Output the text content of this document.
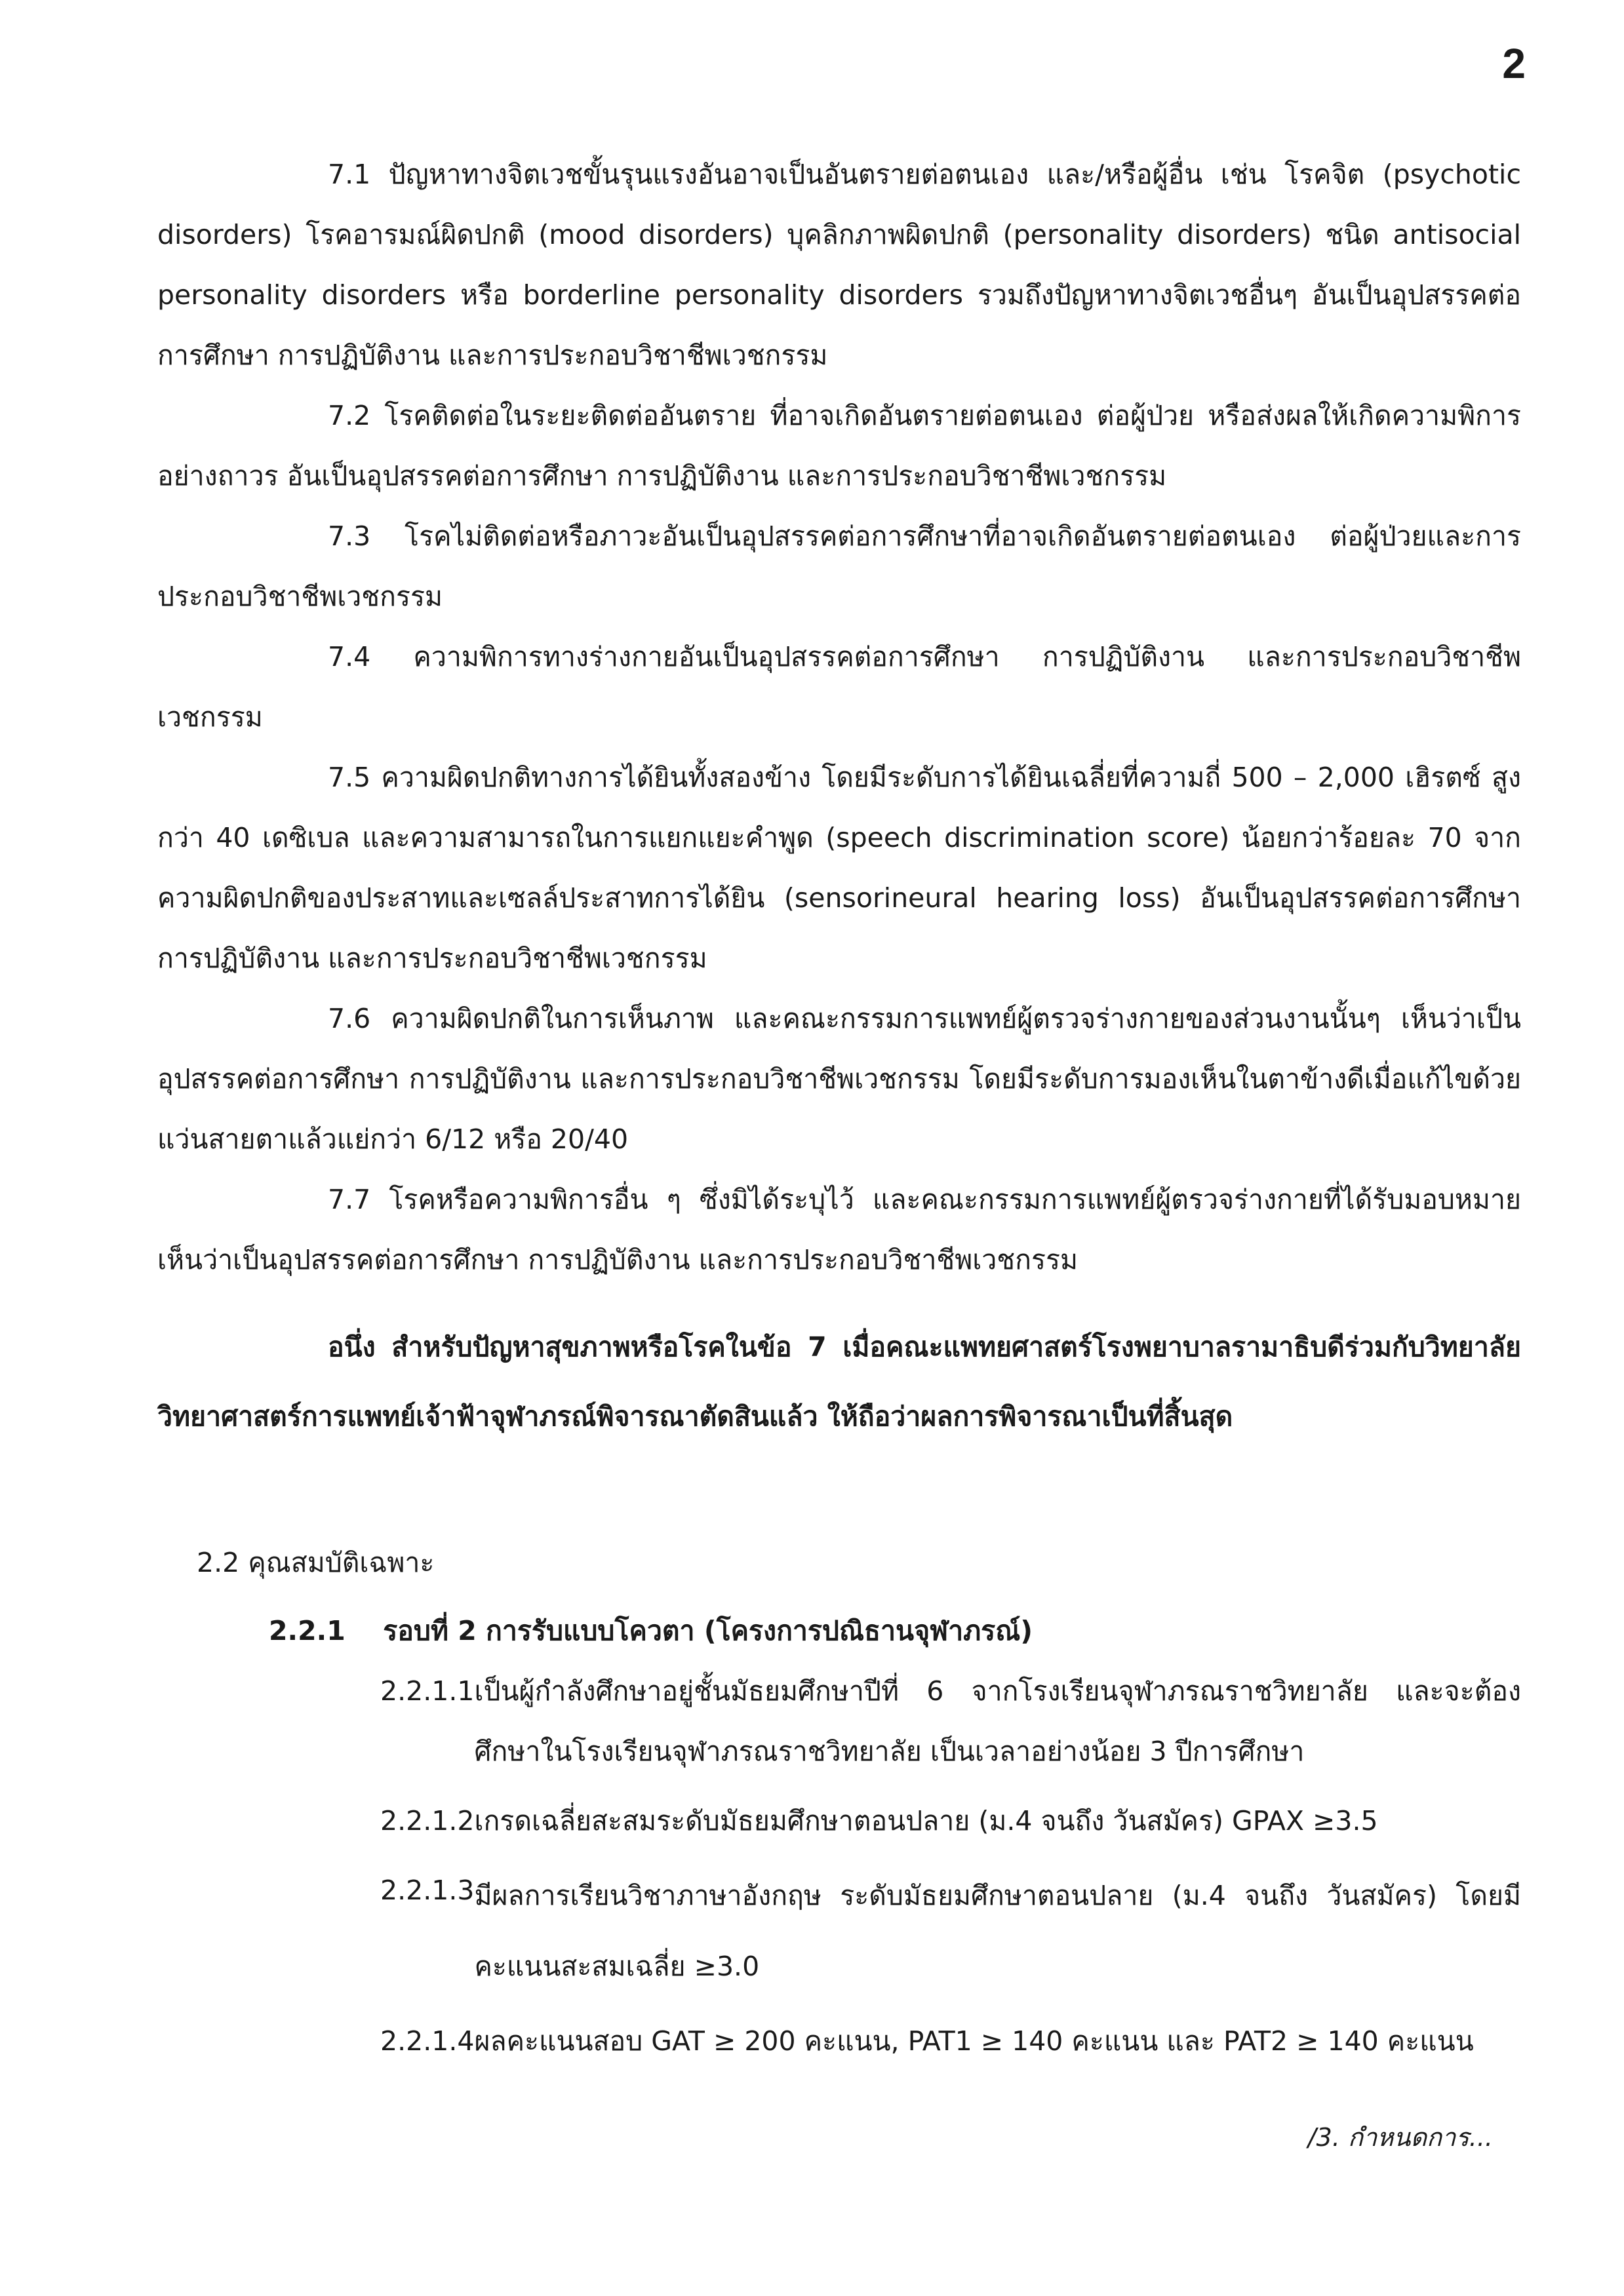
2

7.1 ปัญหาทางจิตเวชขั้นรุนแรงอันอาจเป็นอันตรายต่อตนเอง และ/หรือผู้อื่น เช่น โรคจิต (psychotic disorders) โรคอารมณ์ผิดปกติ (mood disorders) บุคลิกภาพผิดปกติ (personality disorders) ชนิด antisocial personality disorders หรือ borderline personality disorders รวมถึงปัญหาทางจิตเวชอื่นๆ อันเป็นอุปสรรคต่อการศึกษา การปฏิบัติงาน และการประกอบวิชาชีพเวชกรรม

7.2 โรคติดต่อในระยะติดต่ออันตราย ที่อาจเกิดอันตรายต่อตนเอง ต่อผู้ป่วย หรือส่งผลให้เกิดความพิการอย่างถาวร อันเป็นอุปสรรคต่อการศึกษา การปฏิบัติงาน และการประกอบวิชาชีพเวชกรรม

7.3 โรคไม่ติดต่อหรือภาวะอันเป็นอุปสรรคต่อการศึกษาที่อาจเกิดอันตรายต่อตนเอง ต่อผู้ป่วยและการประกอบวิชาชีพเวชกรรม

7.4 ความพิการทางร่างกายอันเป็นอุปสรรคต่อการศึกษา การปฏิบัติงาน และการประกอบวิชาชีพเวชกรรม

7.5 ความผิดปกติทางการได้ยินทั้งสองข้าง โดยมีระดับการได้ยินเฉลี่ยที่ความถี่ 500 – 2,000 เฮิรตซ์ สูงกว่า 40 เดซิเบล และความสามารถในการแยกแยะคำพูด (speech discrimination score) น้อยกว่าร้อยละ 70 จากความผิดปกติของประสาทและเซลล์ประสาทการได้ยิน (sensorineural hearing loss) อันเป็นอุปสรรคต่อการศึกษา การปฏิบัติงาน และการประกอบวิชาชีพเวชกรรม

7.6 ความผิดปกติในการเห็นภาพ และคณะกรรมการแพทย์ผู้ตรวจร่างกายของส่วนงานนั้นๆ เห็นว่าเป็นอุปสรรคต่อการศึกษา การปฏิบัติงาน และการประกอบวิชาชีพเวชกรรม โดยมีระดับการมองเห็นในตาข้างดีเมื่อแก้ไขด้วยแว่นสายตาแล้วแย่กว่า 6/12 หรือ 20/40

7.7 โรคหรือความพิการอื่น ๆ ซึ่งมิได้ระบุไว้ และคณะกรรมการแพทย์ผู้ตรวจร่างกายที่ได้รับมอบหมายเห็นว่าเป็นอุปสรรคต่อการศึกษา การปฏิบัติงาน และการประกอบวิชาชีพเวชกรรม

อนึ่ง สำหรับปัญหาสุขภาพหรือโรคในข้อ 7 เมื่อคณะแพทยศาสตร์โรงพยาบาลรามาธิบดีร่วมกับวิทยาลัยวิทยาศาสตร์การแพทย์เจ้าฟ้าจุฬาภรณ์พิจารณาตัดสินแล้ว ให้ถือว่าผลการพิจารณาเป็นที่สิ้นสุด

2.2 คุณสมบัติเฉพาะ
2.2.1 รอบที่ 2 การรับแบบโควตา (โครงการปณิธานจุฬาภรณ์)
2.2.1.1 เป็นผู้กำลังศึกษาอยู่ชั้นมัธยมศึกษาปีที่ 6 จากโรงเรียนจุฬาภรณราชวิทยาลัย และจะต้องศึกษาในโรงเรียนจุฬาภรณราชวิทยาลัย เป็นเวลาอย่างน้อย 3 ปีการศึกษา
2.2.1.2 เกรดเฉลี่ยสะสมระดับมัธยมศึกษาตอนปลาย (ม.4 จนถึง วันสมัคร) GPAX ≥3.5
2.2.1.3 มีผลการเรียนวิชาภาษาอังกฤษ ระดับมัธยมศึกษาตอนปลาย (ม.4 จนถึง วันสมัคร) โดยมีคะแนนสะสมเฉลี่ย ≥3.0
2.2.1.4 ผลคะแนนสอบ GAT ≥ 200 คะแนน, PAT1 ≥ 140 คะแนน และ PAT2 ≥ 140 คะแนน
/3. กำหนดการ...
